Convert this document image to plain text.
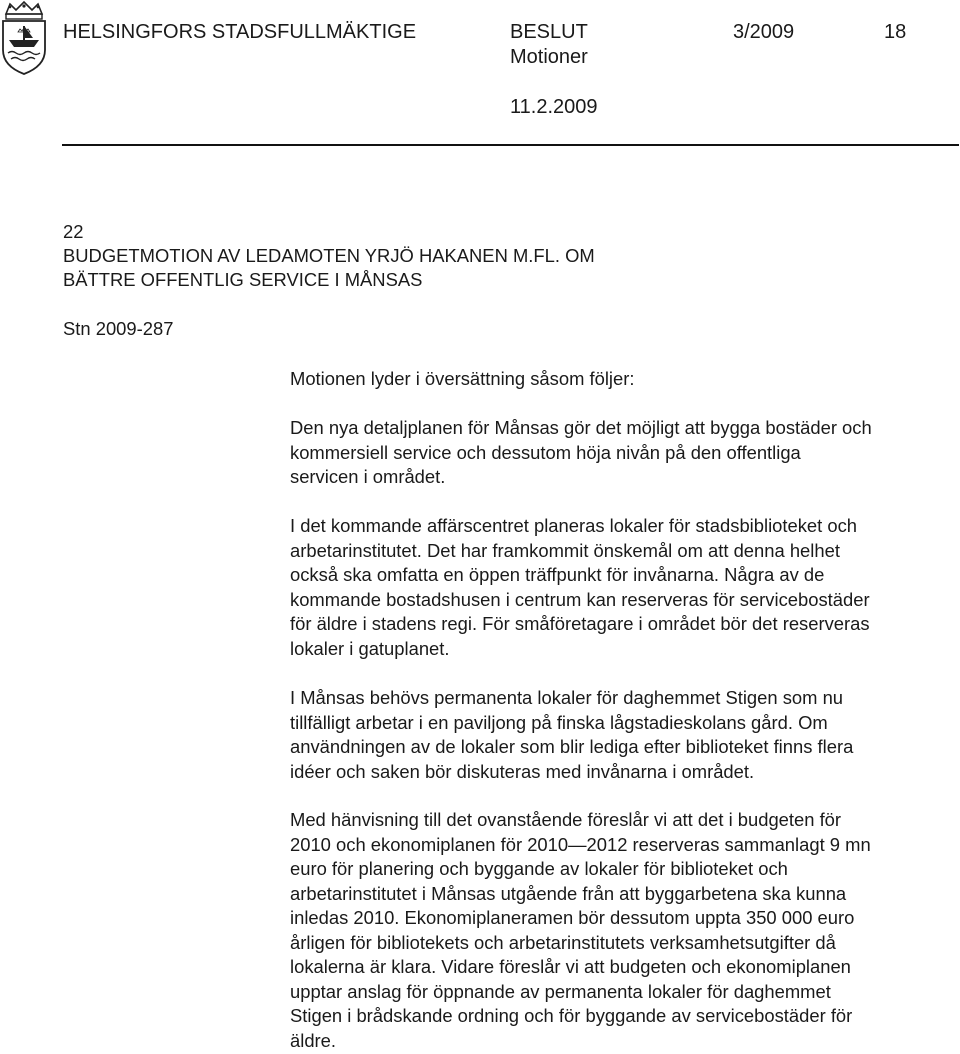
HELSINGFORS STADSFULLMÄKTIGE	BESLUT	3/2009	18
Motioner
11.2.2009
22
BUDGETMOTION AV LEDAMOTEN YRJÖ HAKANEN M.FL. OM
BÄTTRE OFFENTLIG SERVICE I MÅNSAS
Stn 2009-287
Motionen lyder i översättning såsom följer:
Den nya detaljplanen för Månsas gör det möjligt att bygga bostäder och
kommersiell service och dessutom höja nivån på den offentliga
servicen i området.
I det kommande affärscentret planeras lokaler för stadsbiblioteket och
arbetarinstitutet. Det har framkommit önskemål om att denna helhet
också ska omfatta en öppen träffpunkt för invånarna. Några av de
kommande bostadshusen i centrum kan reserveras för servicebostäder
för äldre i stadens regi. För småföretagare i området bör det reserveras
lokaler i gatuplanet.
I Månsas behövs permanenta lokaler för daghemmet Stigen som nu
tillfälligt arbetar i en paviljong på finska lågstadieskolans gård. Om
användningen av de lokaler som blir lediga efter biblioteket finns flera
idéer och saken bör diskuteras med invånarna i området.
Med hänvisning till det ovanstående föreslår vi att det i budgeten för
2010 och ekonomiplanen för 2010—2012 reserveras sammanlagt 9 mn
euro för planering och byggande av lokaler för biblioteket och
arbetarinstitutet i Månsas utgående från att byggarbetena ska kunna
inledas 2010. Ekonomiplaneramen bör dessutom uppta 350 000 euro
årligen för bibliotekets och arbetarinstitutets verksamhetsutgifter då
lokalerna är klara. Vidare föreslår vi att budgeten och ekonomiplanen
upptar anslag för öppnande av permanenta lokaler för daghemmet
Stigen i brådskande ordning och för byggande av servicebostäder för
äldre.
